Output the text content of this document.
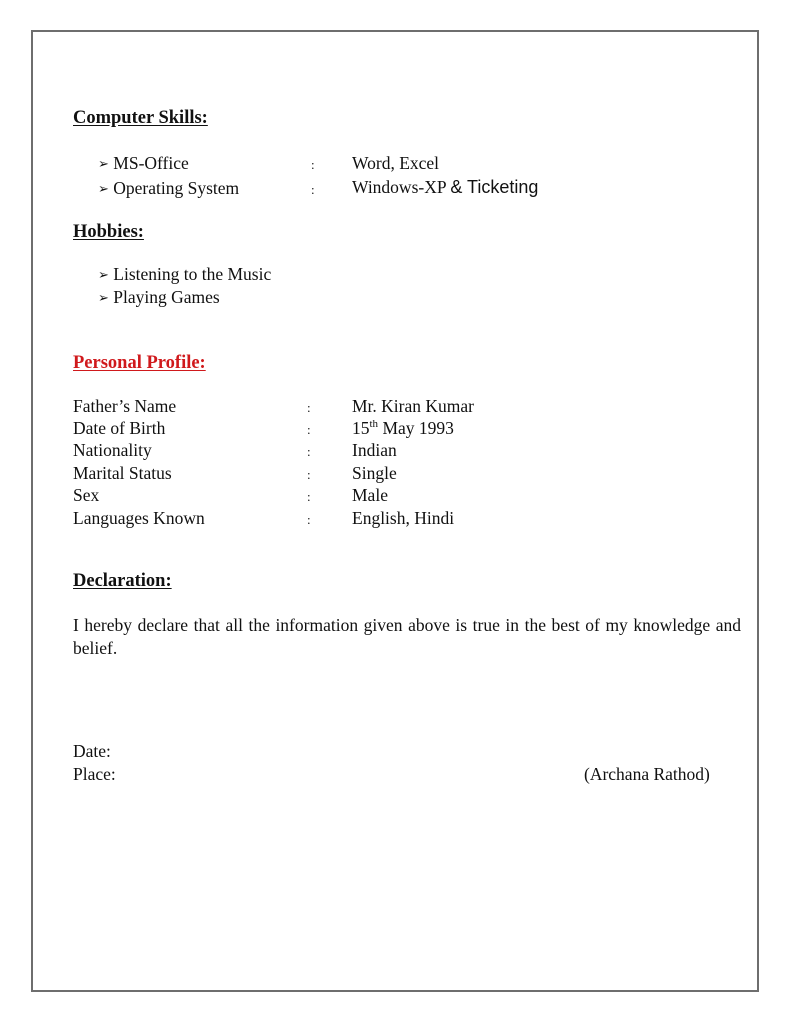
Computer Skills:
➢ MS-Office	: Word, Excel
➢ Operating System	: Windows-XP & Ticketing
Hobbies:
➢ Listening to the Music
➢ Playing Games
Personal Profile:
Father’s Name	: Mr. Kiran Kumar
Date of Birth	: 15th May 1993
Nationality	: Indian
Marital Status	: Single
Sex	: Male
Languages Known	: English, Hindi
Declaration:
I hereby declare that all the information given above is true in the best of my knowledge and belief.
Date:
Place:	(Archana Rathod)
